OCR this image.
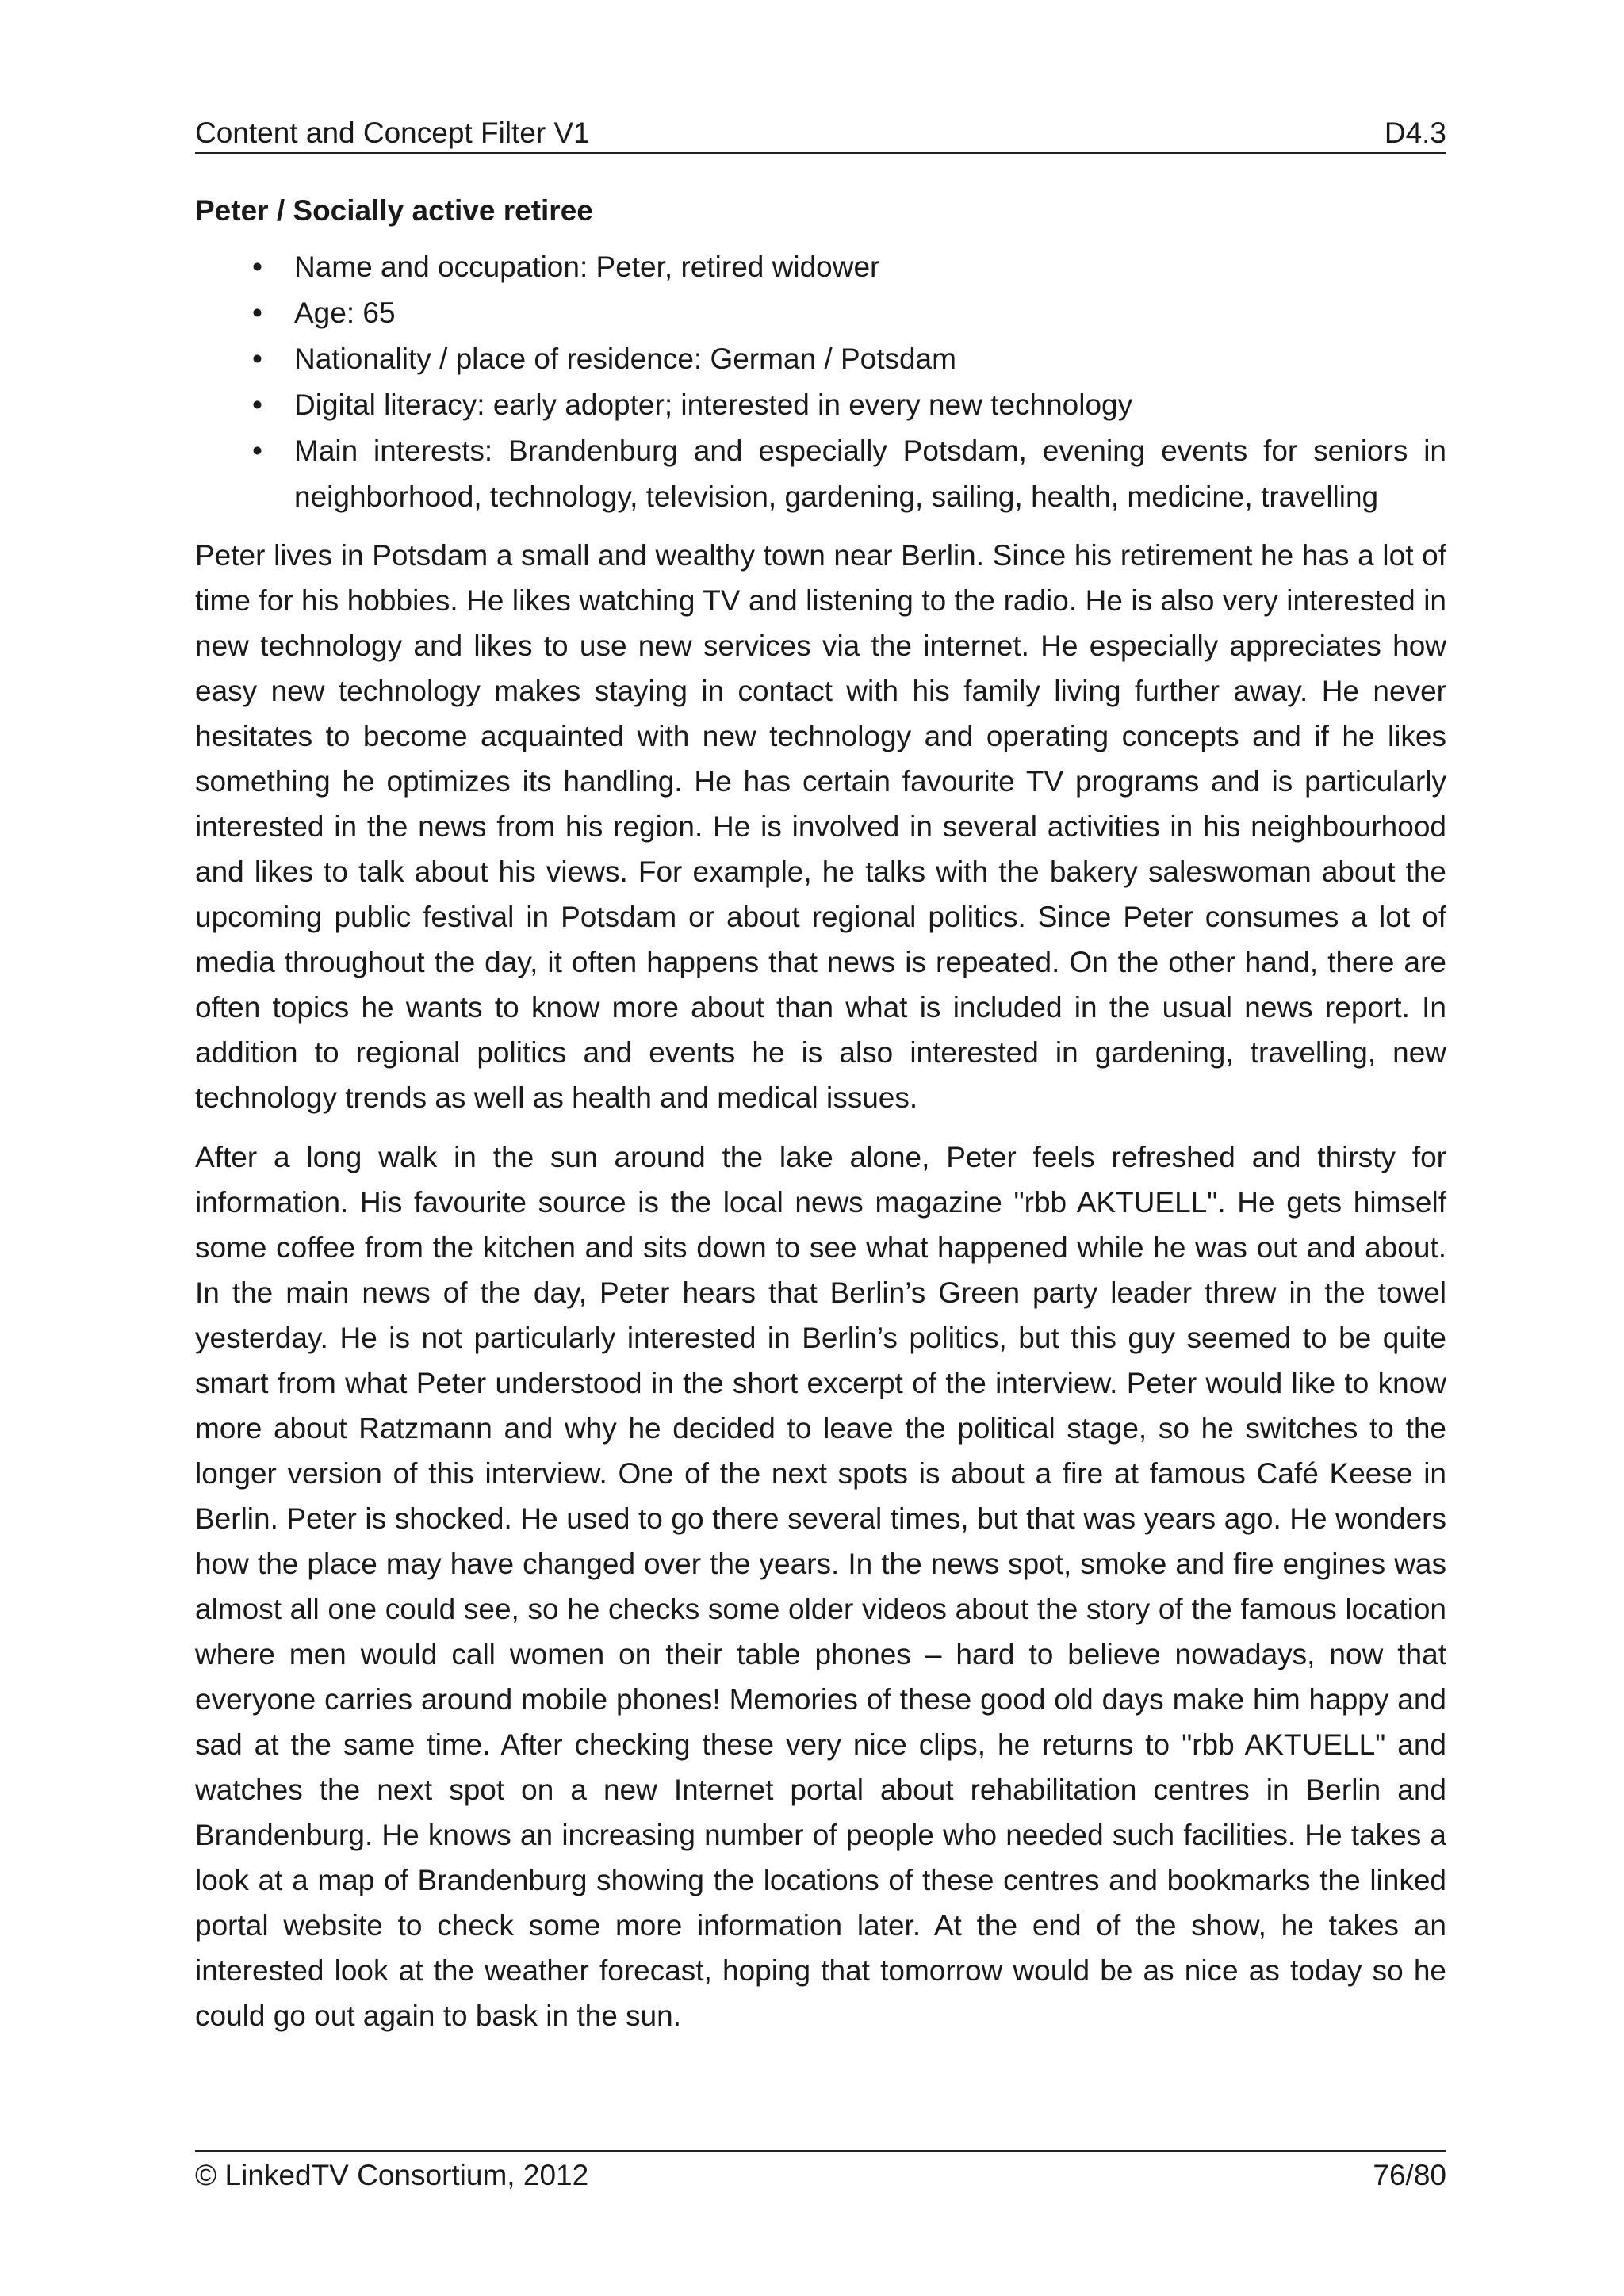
Content and Concept Filter V1	D4.3
Peter / Socially active retiree
• Name and occupation: Peter, retired widower
• Age: 65
• Nationality / place of residence: German / Potsdam
• Digital literacy: early adopter; interested in every new technology
• Main interests: Brandenburg and especially Potsdam, evening events for seniors in neighborhood, technology, television, gardening, sailing, health, medicine, travelling

Peter lives in Potsdam a small and wealthy town near Berlin. Since his retirement he has a lot of time for his hobbies. He likes watching TV and listening to the radio. He is also very interested in new technology and likes to use new services via the internet. He especially appreciates how easy new technology makes staying in contact with his family living further away. He never hesitates to become acquainted with new technology and operating concepts and if he likes something he optimizes its handling. He has certain favourite TV programs and is particularly interested in the news from his region. He is involved in several activities in his neighbourhood and likes to talk about his views. For example, he talks with the bakery saleswoman about the upcoming public festival in Potsdam or about regional politics. Since Peter consumes a lot of media throughout the day, it often happens that news is repeated. On the other hand, there are often topics he wants to know more about than what is included in the usual news report. In addition to regional politics and events he is also interested in gardening, travelling, new technology trends as well as health and medical issues.

After a long walk in the sun around the lake alone, Peter feels refreshed and thirsty for information. His favourite source is the local news magazine "rbb AKTUELL". He gets himself some coffee from the kitchen and sits down to see what happened while he was out and about. In the main news of the day, Peter hears that Berlin’s Green party leader threw in the towel yesterday. He is not particularly interested in Berlin’s politics, but this guy seemed to be quite smart from what Peter understood in the short excerpt of the interview. Peter would like to know more about Ratzmann and why he decided to leave the political stage, so he switches to the longer version of this interview. One of the next spots is about a fire at famous Café Keese in Berlin. Peter is shocked. He used to go there several times, but that was years ago. He wonders how the place may have changed over the years. In the news spot, smoke and fire engines was almost all one could see, so he checks some older videos about the story of the famous location where men would call women on their table phones – hard to believe nowadays, now that everyone carries around mobile phones! Memories of these good old days make him happy and sad at the same time. After checking these very nice clips, he returns to "rbb AKTUELL" and watches the next spot on a new Internet portal about rehabilitation centres in Berlin and Brandenburg. He knows an increasing number of people who needed such facilities. He takes a look at a map of Brandenburg showing the locations of these centres and bookmarks the linked portal website to check some more information later. At the end of the show, he takes an interested look at the weather forecast, hoping that tomorrow would be as nice as today so he could go out again to bask in the sun.

© LinkedTV Consortium, 2012	76/80
